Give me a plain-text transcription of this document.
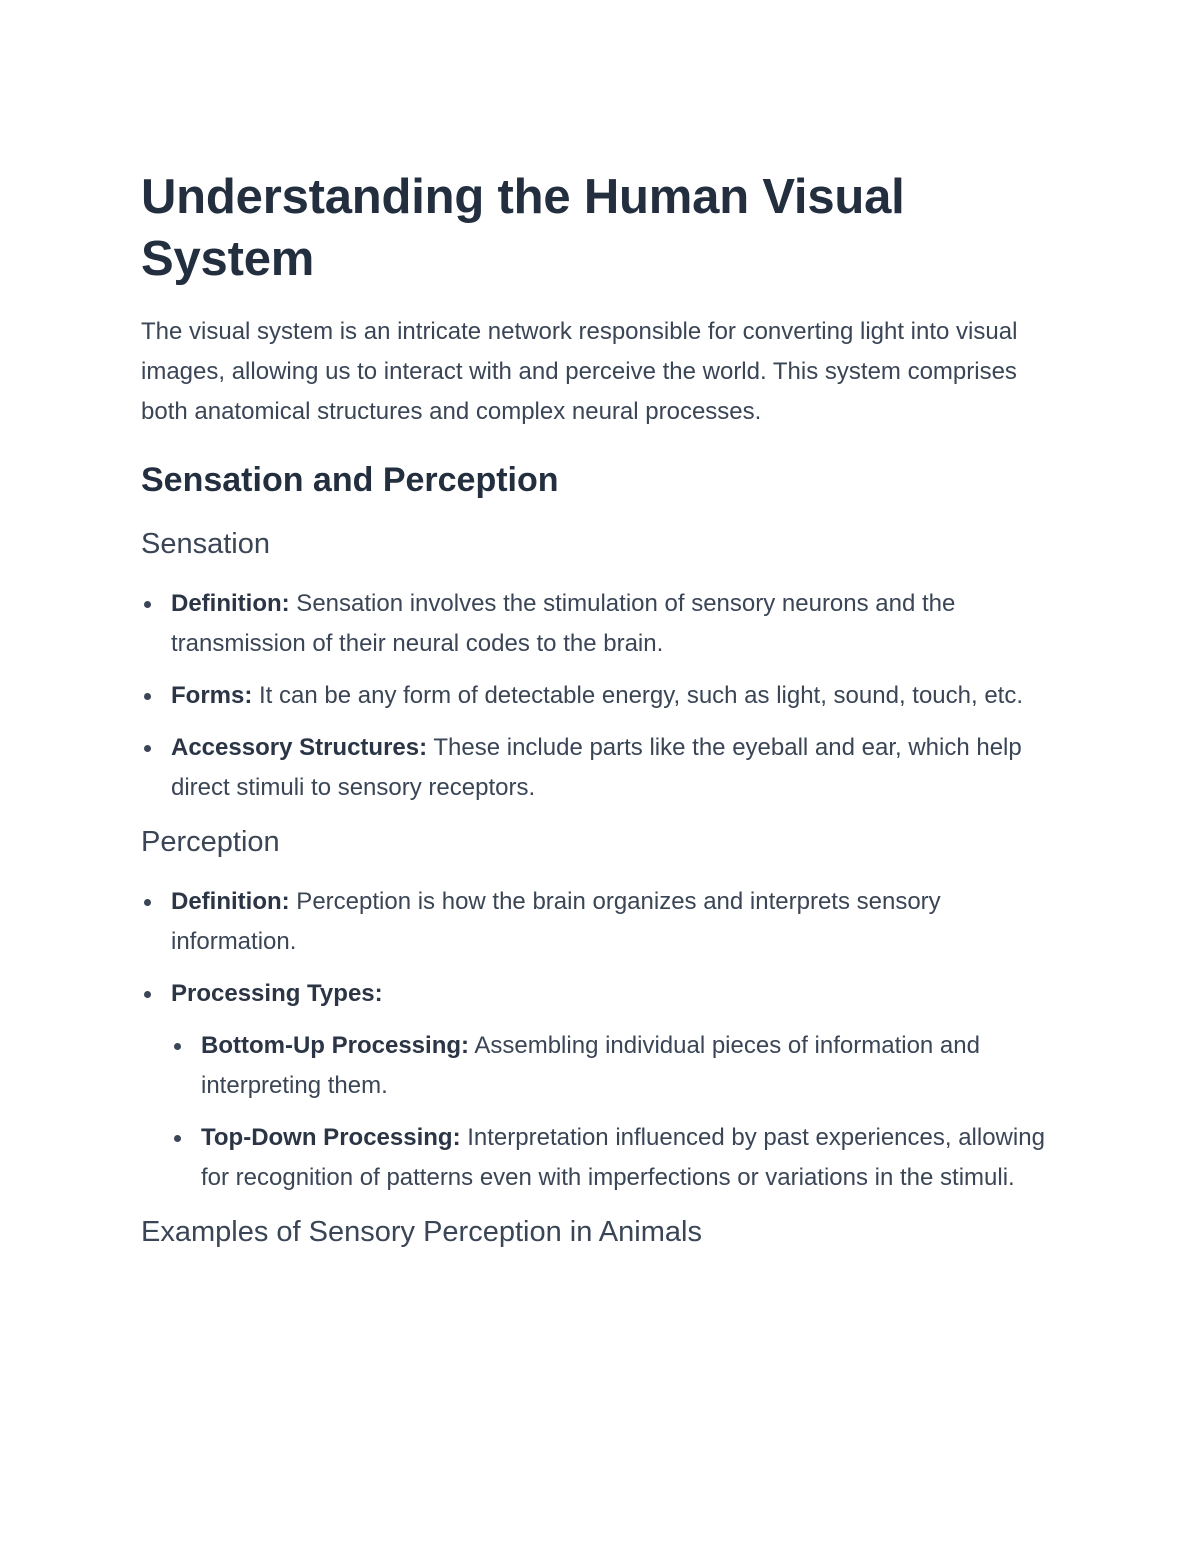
Understanding the Human Visual System

The visual system is an intricate network responsible for converting light into visual images, allowing us to interact with and perceive the world. This system comprises both anatomical structures and complex neural processes.

Sensation and Perception
Sensation
Definition: Sensation involves the stimulation of sensory neurons and the transmission of their neural codes to the brain.
Forms: It can be any form of detectable energy, such as light, sound, touch, etc.
Accessory Structures: These include parts like the eyeball and ear, which help direct stimuli to sensory receptors.
Perception
Definition: Perception is how the brain organizes and interprets sensory information.
Processing Types:
Bottom-Up Processing: Assembling individual pieces of information and interpreting them.
Top-Down Processing: Interpretation influenced by past experiences, allowing for recognition of patterns even with imperfections or variations in the stimuli.
Examples of Sensory Perception in Animals
